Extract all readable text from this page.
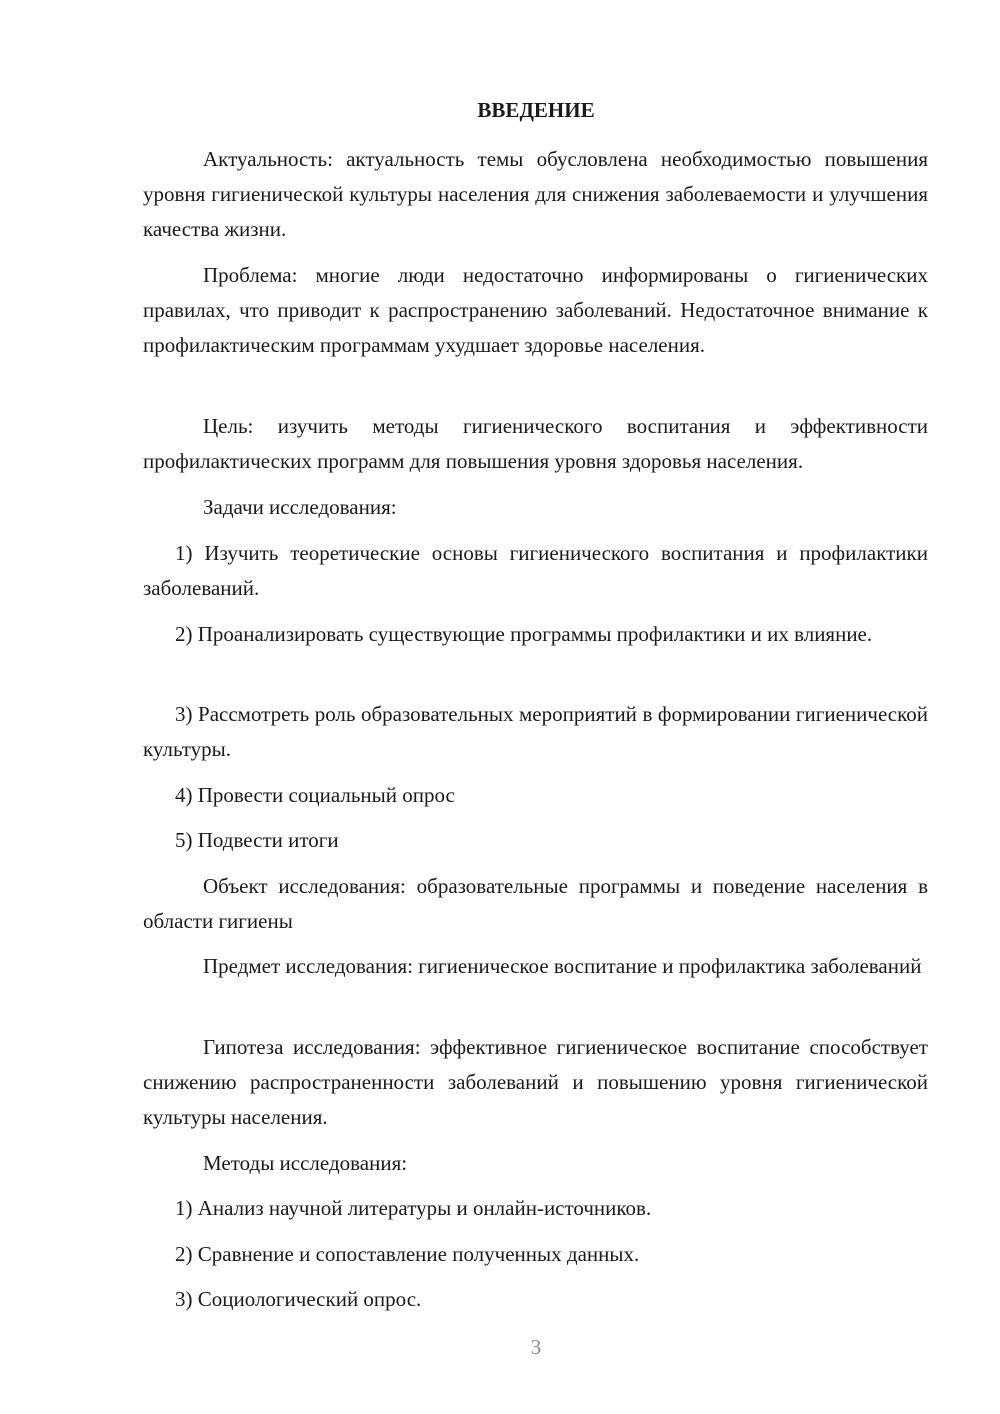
ВВЕДЕНИЕ

Актуальность: актуальность темы обусловлена необходимостью повышения уровня гигиенической культуры населения для снижения заболеваемости и улучшения качества жизни.

Проблема: многие люди недостаточно информированы о гигиенических правилах, что приводит к распространению заболеваний. Недостаточное внимание к профилактическим программам ухудшает здоровье населения.

Цель: изучить методы гигиенического воспитания и эффективности профилактических программ для повышения уровня здоровья населения.

Задачи исследования:

1) Изучить теоретические основы гигиенического воспитания и профилактики заболеваний.

2) Проанализировать существующие программы профилактики и их влияние.

3) Рассмотреть роль образовательных мероприятий в формировании гигиенической культуры.

4) Провести социальный опрос

5) Подвести итоги

Объект исследования: образовательные программы и поведение населения в области гигиены

Предмет исследования: гигиеническое воспитание и профилактика заболеваний

Гипотеза исследования: эффективное гигиеническое воспитание способствует снижению распространенности заболеваний и повышению уровня гигиенической культуры населения.

Методы исследования:

1) Анализ научной литературы и онлайн-источников.

2) Сравнение и сопоставление полученных данных.

3) Социологический опрос.

3
